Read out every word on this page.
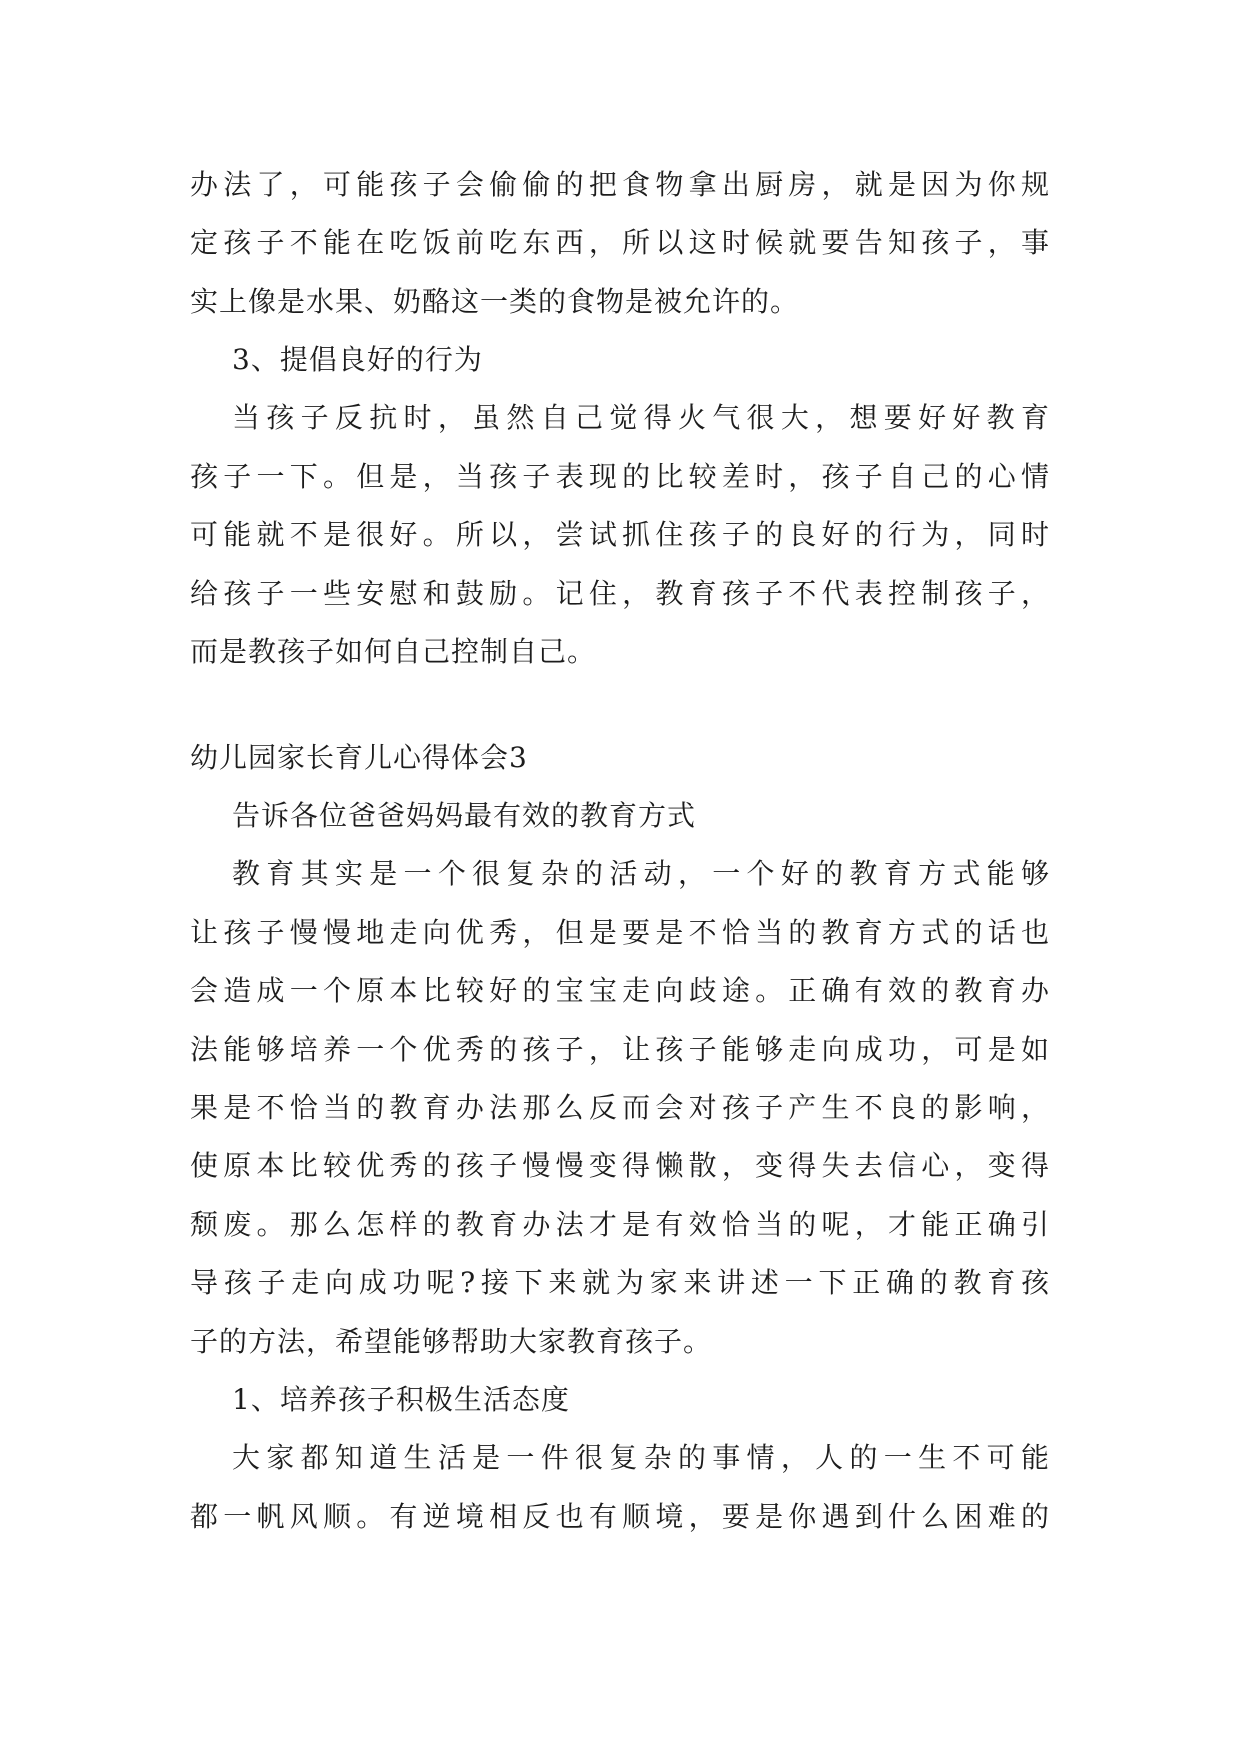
办法了，可能孩子会偷偷的把食物拿出厨房，就是因为你规
定孩子不能在吃饭前吃东西，所以这时候就要告知孩子，事
实上像是水果、奶酪这一类的食物是被允许的。
3、提倡良好的行为
当孩子反抗时，虽然自己觉得火气很大，想要好好教育
孩子一下。但是，当孩子表现的比较差时，孩子自己的心情
可能就不是很好。所以，尝试抓住孩子的良好的行为，同时
给孩子一些安慰和鼓励。记住，教育孩子不代表控制孩子，
而是教孩子如何自己控制自己。
幼儿园家长育儿心得体会3
告诉各位爸爸妈妈最有效的教育方式
教育其实是一个很复杂的活动，一个好的教育方式能够
让孩子慢慢地走向优秀，但是要是不恰当的教育方式的话也
会造成一个原本比较好的宝宝走向歧途。正确有效的教育办
法能够培养一个优秀的孩子，让孩子能够走向成功，可是如
果是不恰当的教育办法那么反而会对孩子产生不良的影响，
使原本比较优秀的孩子慢慢变得懒散，变得失去信心，变得
颓废。那么怎样的教育办法才是有效恰当的呢，才能正确引
导孩子走向成功呢?接下来就为家来讲述一下正确的教育孩
子的方法，希望能够帮助大家教育孩子。
1、培养孩子积极生活态度
大家都知道生活是一件很复杂的事情，人的一生不可能
都一帆风顺。有逆境相反也有顺境，要是你遇到什么困难的
